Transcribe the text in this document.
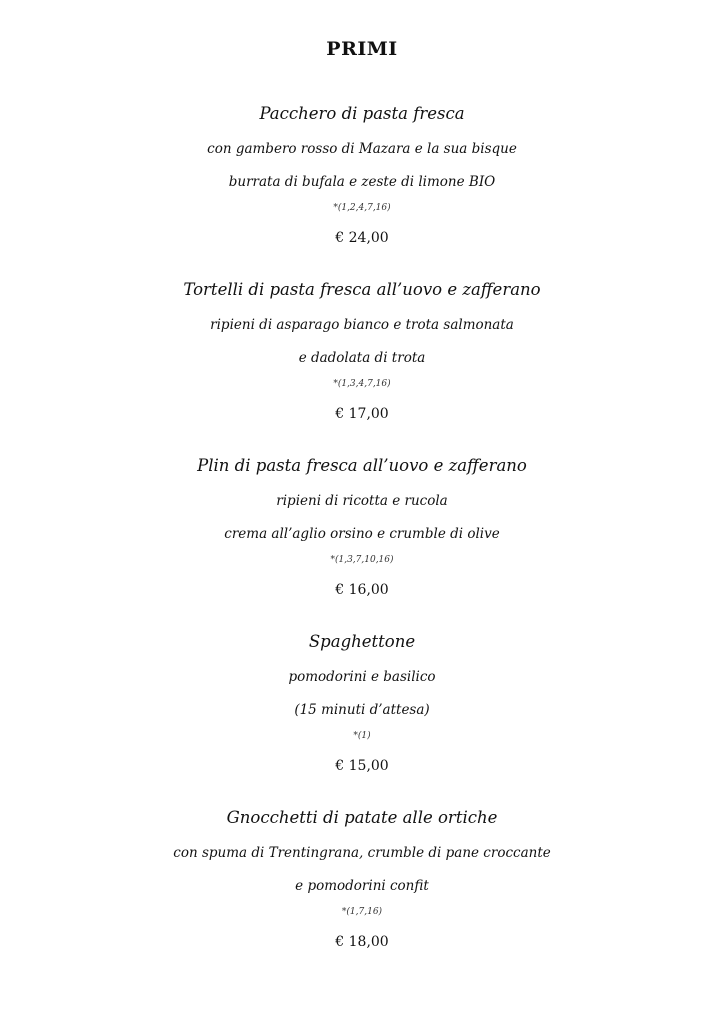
PRIMI
Pacchero di pasta fresca
con gambero rosso di Mazara e la sua bisque
burrata di bufala e zeste di limone BIO
*(1,2,4,7,16)
€ 24,00
Tortelli di pasta fresca all’uovo e zafferano
ripieni di asparago bianco e trota salmonata
e dadolata di trota
*(1,3,4,7,16)
€ 17,00
Plin di pasta fresca all’uovo e zafferano
ripieni di ricotta e rucola
crema all’aglio orsino e crumble di olive
*(1,3,7,10,16)
€ 16,00
Spaghettone
pomodorini e basilico
(15 minuti d’attesa)
*(1)
€ 15,00
Gnocchetti di patate alle ortiche
con spuma di Trentingrana, crumble di pane croccante
e pomodorini confit
*(1,7,16)
€ 18,00
